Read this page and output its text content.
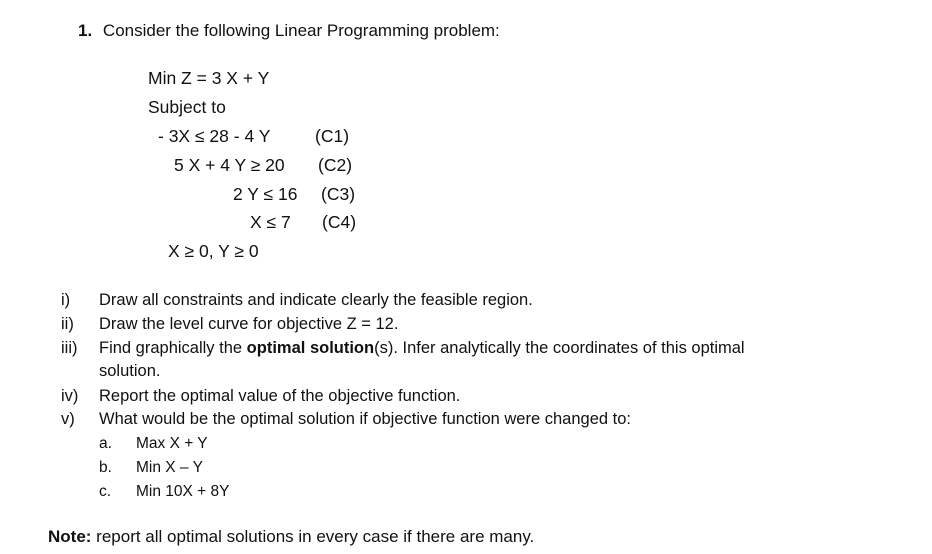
1. Consider the following Linear Programming problem:
Min Z = 3 X + Y
Subject to
- 3X ≤ 28 - 4 Y	(C1)
5 X + 4 Y ≥ 20 (C2)
2 Y ≤ 16 (C3)
X ≤ 7 (C4)
X ≥ 0, Y ≥ 0
i) Draw all constraints and indicate clearly the feasible region.
ii) Draw the level curve for objective Z = 12.
iii) Find graphically the optimal solution(s). Infer analytically the coordinates of this optimal
solution.
iv) Report the optimal value of the objective function.
v) What would be the optimal solution if objective function were changed to:
a. Max X + Y
b. Min X – Y
c. Min 10X + 8Y
Note: report all optimal solutions in every case if there are many.
